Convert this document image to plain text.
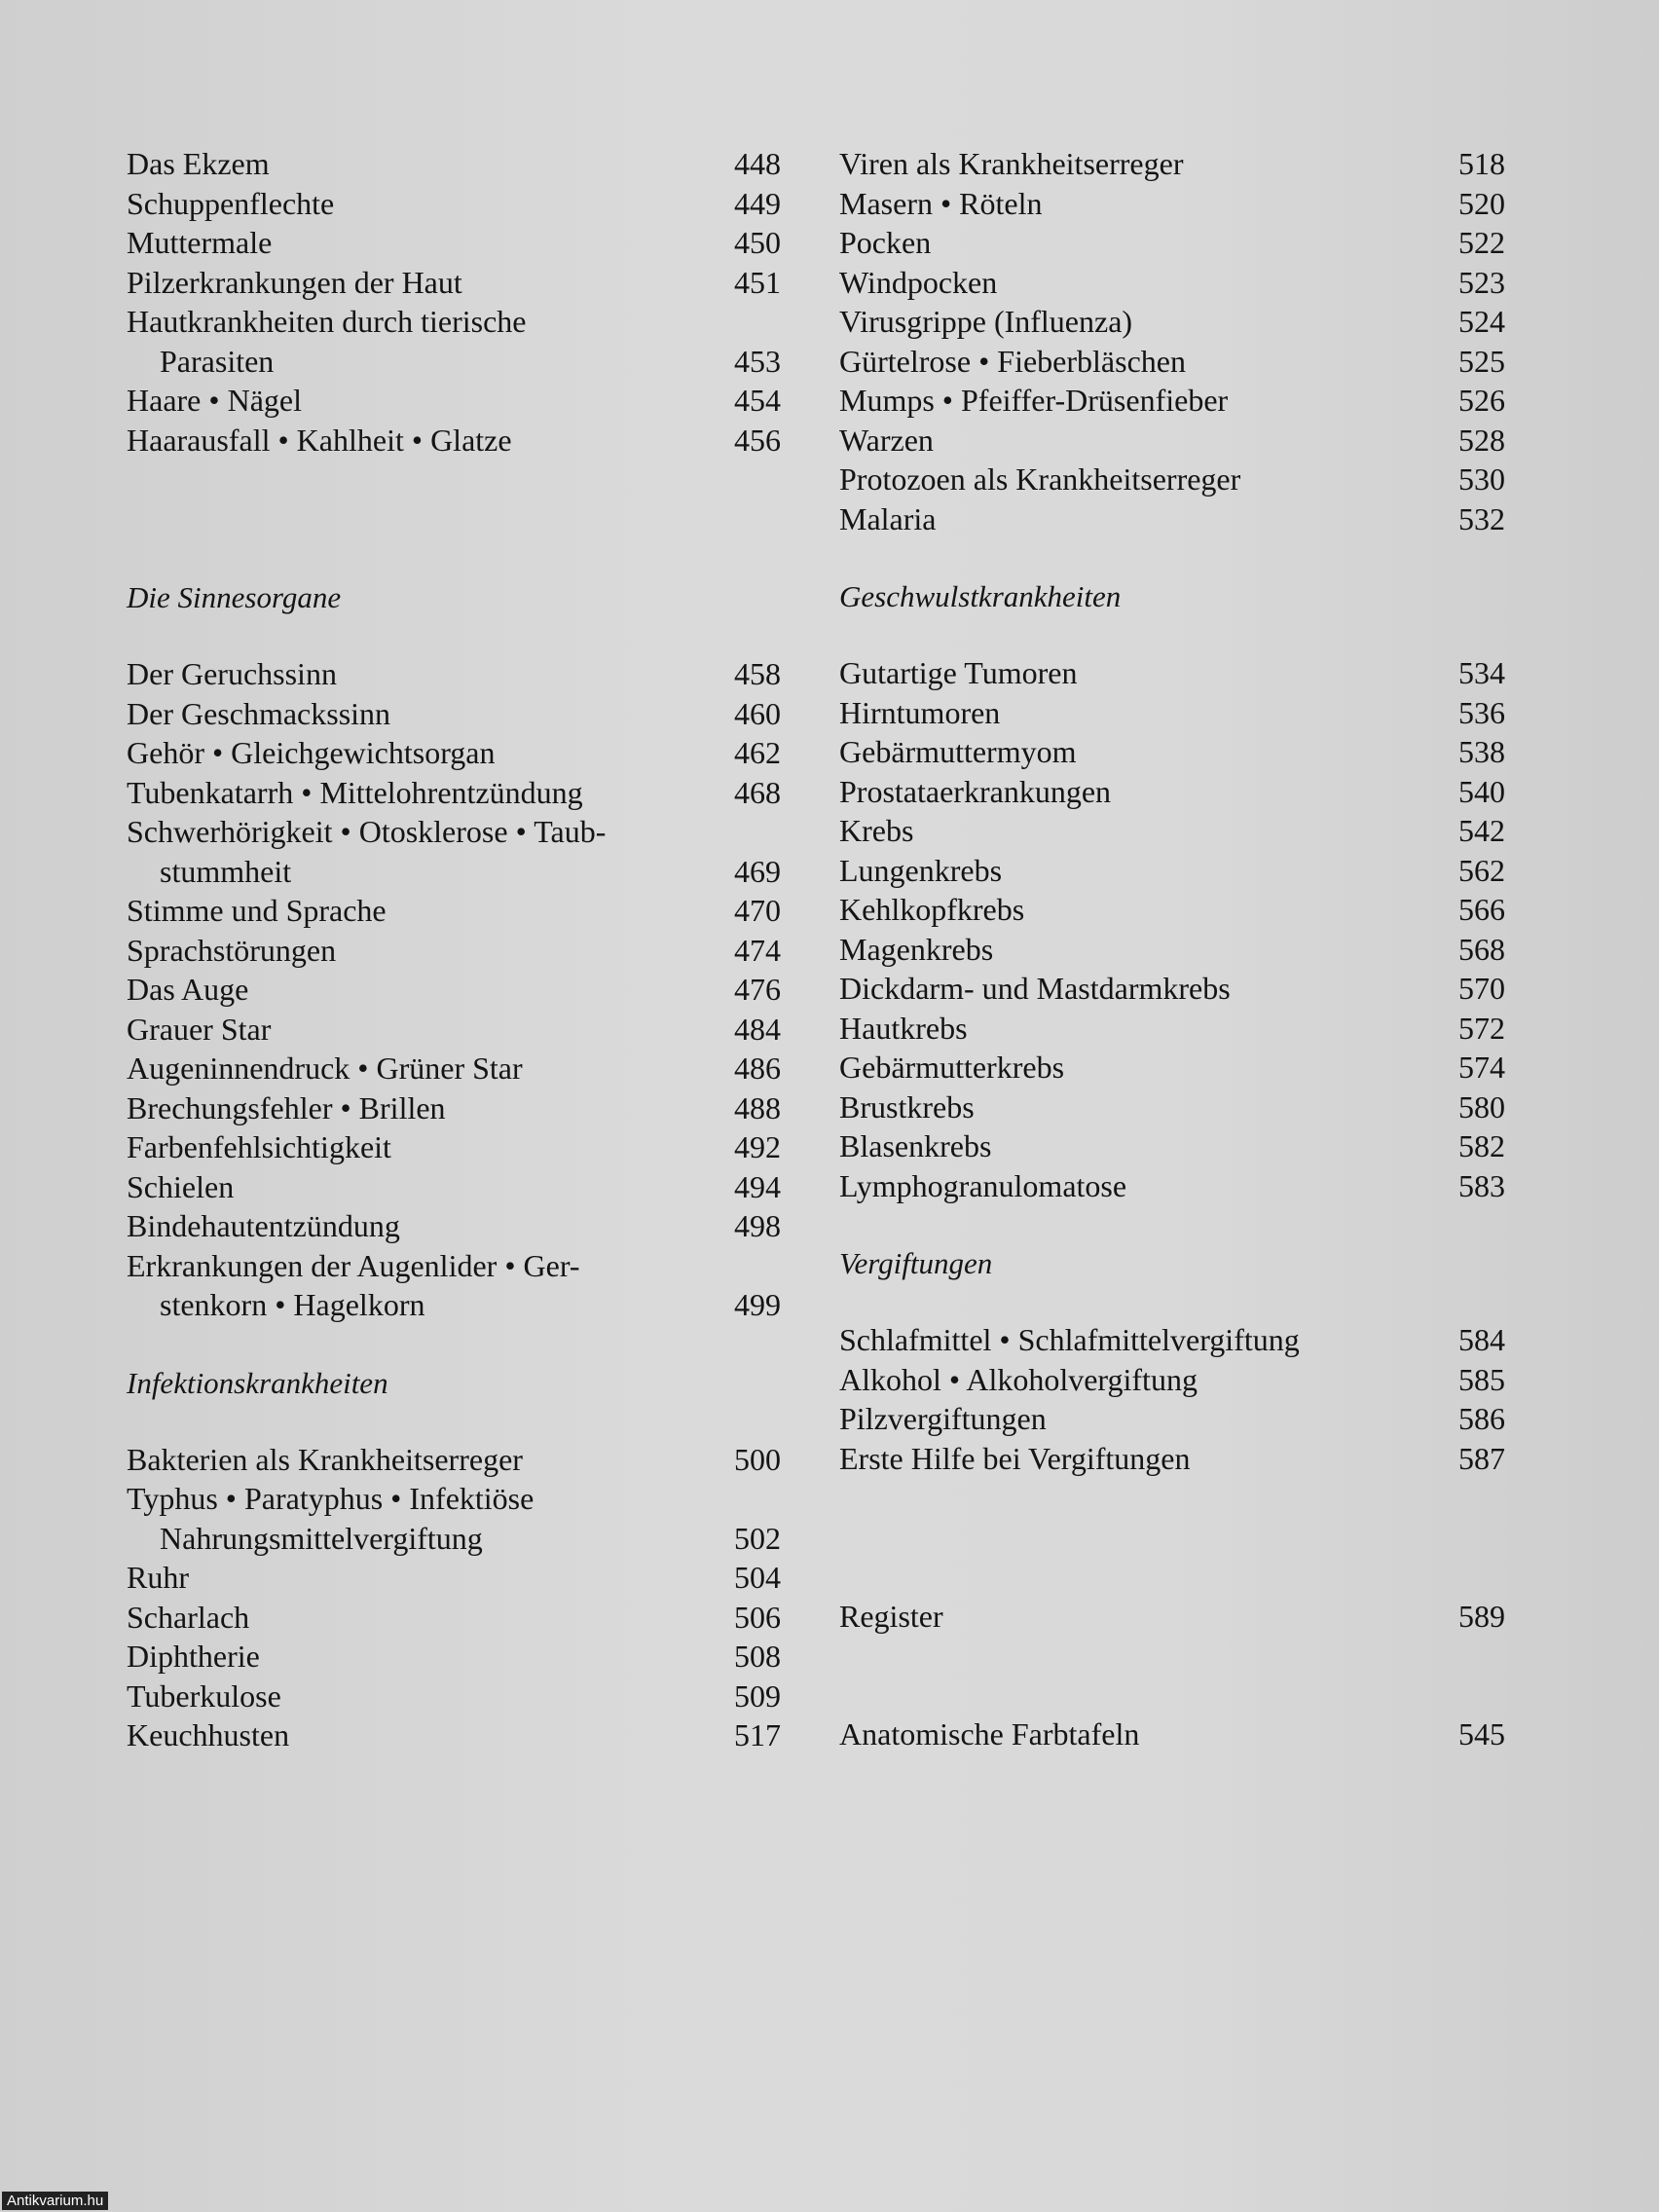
Das Ekzem	448
Schuppenflechte	449
Muttermale	450
Pilzerkrankungen der Haut	451
Hautkrankheiten durch tierische
Parasiten	453
Haare • Nägel	454
Haarausfall • Kahlheit • Glatze	456
Die Sinnesorgane
Der Geruchssinn	458
Der Geschmackssinn	460
Gehör • Gleichgewichtsorgan	462
Tubenkatarrh • Mittelohrentzündung	468
Schwerhörigkeit • Otosklerose • Taub-
stummheit	469
Stimme und Sprache	470
Sprachstörungen	474
Das Auge	476
Grauer Star	484
Augeninnendruck • Grüner Star	486
Brechungsfehler • Brillen	488
Farbenfehlsichtigkeit	492
Schielen	494
Bindehautentzündung	498
Erkrankungen der Augenlider • Ger-
stenkorn • Hagelkorn	499
Infektionskrankheiten
Bakterien als Krankheitserreger	500
Typhus • Paratyphus • Infektiöse
Nahrungsmittelvergiftung	502
Ruhr	504
Scharlach	506
Diphtherie	508
Tuberkulose	509
Keuchhusten	517
Viren als Krankheitserreger	518
Masern • Röteln	520
Pocken	522
Windpocken	523
Virusgrippe (Influenza)	524
Gürtelrose • Fieberbläschen	525
Mumps • Pfeiffer-Drüsenfieber	526
Warzen	528
Protozoen als Krankheitserreger	530
Malaria	532
Geschwulstkrankheiten
Gutartige Tumoren	534
Hirntumoren	536
Gebärmuttermyom	538
Prostataerkrankungen	540
Krebs	542
Lungenkrebs	562
Kehlkopfkrebs	566
Magenkrebs	568
Dickdarm- und Mastdarmkrebs	570
Hautkrebs	572
Gebärmutterkrebs	574
Brustkrebs	580
Blasenkrebs	582
Lymphogranulomatose	583
Vergiftungen
Schlafmittel • Schlafmittelvergiftung	584
Alkohol • Alkoholvergiftung	585
Pilzvergiftungen	586
Erste Hilfe bei Vergiftungen	587
Register	589
Anatomische Farbtafeln	545
Antikvarium.hu
